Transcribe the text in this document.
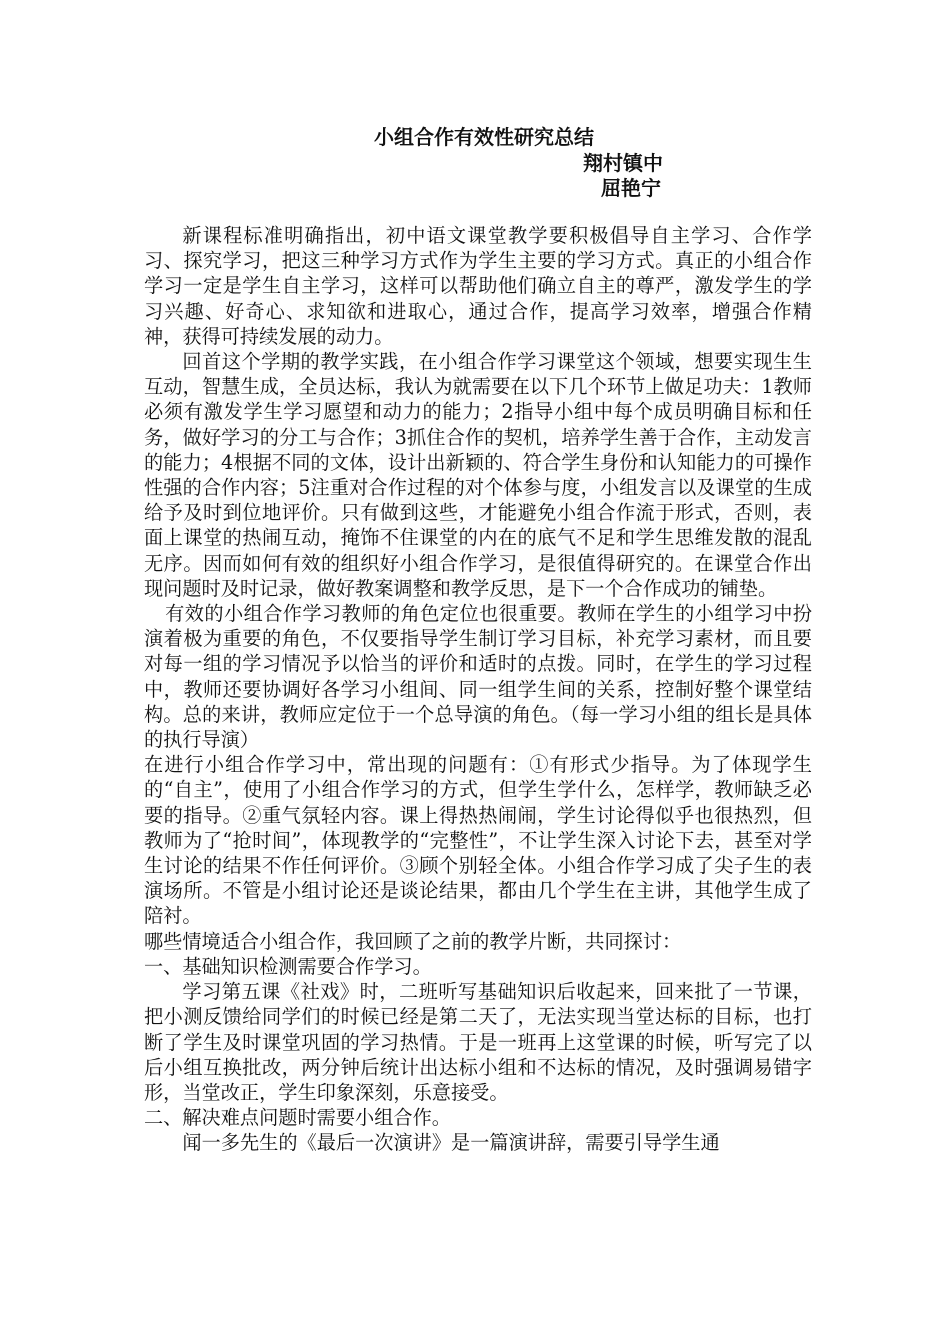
小组合作有效性研究总结
翔村镇中
屈艳宁

新课程标准明确指出，初中语文课堂教学要积极倡导自主学习、合作学习、探究学习，把这三种学习方式作为学生主要的学习方式。真正的小组合作学习一定是学生自主学习，这样可以帮助他们确立自主的尊严，激发学生的学习兴趣、好奇心、求知欲和进取心，通过合作，提高学习效率，增强合作精神，获得可持续发展的动力。

回首这个学期的教学实践，在小组合作学习课堂这个领域，想要实现生生互动，智慧生成，全员达标，我认为就需要在以下几个环节上做足功夫：1教师必须有激发学生学习愿望和动力的能力；2指导小组中每个成员明确目标和任务，做好学习的分工与合作；3抓住合作的契机，培养学生善于合作，主动发言的能力；4根据不同的文体，设计出新颖的、符合学生身份和认知能力的可操作性强的合作内容；5注重对合作过程的对个体参与度，小组发言以及课堂的生成给予及时到位地评价。只有做到这些，才能避免小组合作流于形式，否则，表面上课堂的热闹互动，掩饰不住课堂的内在的底气不足和学生思维发散的混乱无序。因而如何有效的组织好小组合作学习，是很值得研究的。在课堂合作出现问题时及时记录，做好教案调整和教学反思，是下一个合作成功的铺垫。

有效的小组合作学习教师的角色定位也很重要。教师在学生的小组学习中扮演着极为重要的角色，不仅要指导学生制订学习目标，补充学习素材，而且要对每一组的学习情况予以恰当的评价和适时的点拨。同时，在学生的学习过程中，教师还要协调好各学习小组间、同一组学生间的关系，控制好整个课堂结构。总的来讲，教师应定位于一个总导演的角色。（每一学习小组的组长是具体的执行导演）

在进行小组合作学习中，常出现的问题有：①有形式少指导。为了体现学生的“自主”，使用了小组合作学习的方式，但学生学什么，怎样学，教师缺乏必要的指导。②重气氛轻内容。课上得热热闹闹，学生讨论得似乎也很热烈，但教师为了“抢时间”，体现教学的“完整性”，不让学生深入讨论下去，甚至对学生讨论的结果不作任何评价。③顾个别轻全体。小组合作学习成了尖子生的表演场所。不管是小组讨论还是谈论结果，都由几个学生在主讲，其他学生成了陪衬。

哪些情境适合小组合作，我回顾了之前的教学片断，共同探讨：

一、基础知识检测需要合作学习。

学习第五课《社戏》时，二班听写基础知识后收起来，回来批了一节课，把小测反馈给同学们的时候已经是第二天了，无法实现当堂达标的目标，也打断了学生及时课堂巩固的学习热情。于是一班再上这堂课的时候，听写完了以后小组互换批改，两分钟后统计出达标小组和不达标的情况，及时强调易错字形，当堂改正，学生印象深刻，乐意接受。

二、解决难点问题时需要小组合作。

闻一多先生的《最后一次演讲》是一篇演讲辞，需要引导学生通
